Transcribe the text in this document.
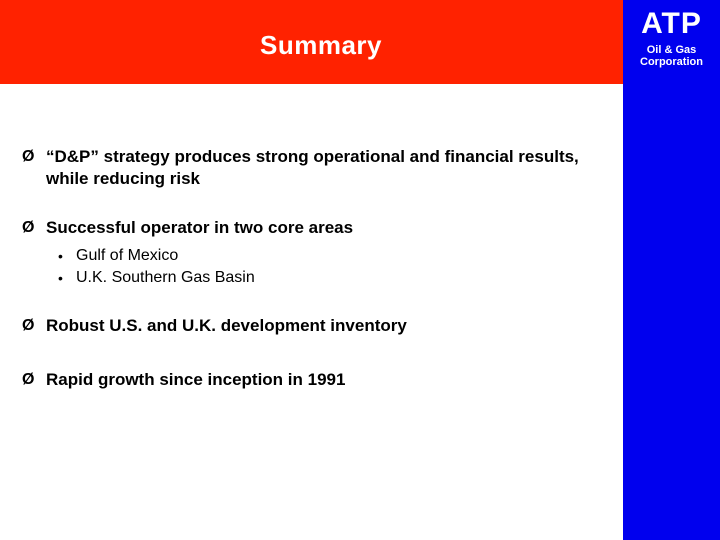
Summary
ATP
Oil & Gas
Corporation
Ø “D&P” strategy produces strong operational and financial results, while reducing risk
Ø Successful operator in two core areas
• Gulf of Mexico
• U.K. Southern Gas Basin
Ø Robust U.S. and U.K. development inventory
Ø Rapid growth since inception in 1991
